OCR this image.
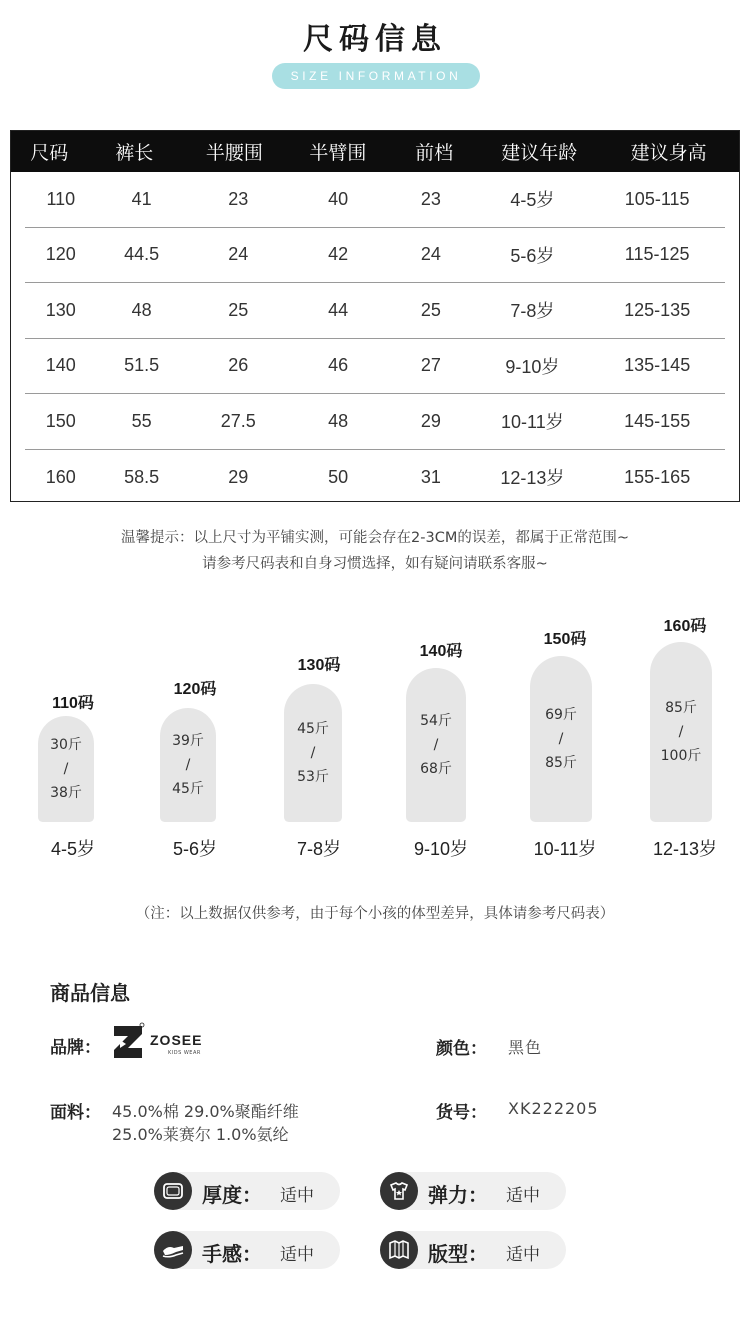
尺码信息
SIZE INFORMATION
尺码	裤长	半腰围	半臂围	前档	建议年龄	建议身高
110	41	23	40	23	4-5岁	105-115
120	44.5	24	42	24	5-6岁	115-125
130	48	25	44	25	7-8岁	125-135
140	51.5	26	46	27	9-10岁	135-145
150	55	27.5	48	29	10-11岁	145-155
160	58.5	29	50	31	12-13岁	155-165
温馨提示：以上尺寸为平铺实测，可能会存在2-3CM的误差，都属于正常范围~
请参考尺码表和自身习惯选择，如有疑问请联系客服~
110码
30斤
/
38斤
4-5岁
120码
39斤
/
45斤
5-6岁
130码
45斤
/
53斤
7-8岁
140码
54斤
/
68斤
9-10岁
150码
69斤
/
85斤
10-11岁
160码
85斤
/
100斤
12-13岁
（注：以上数据仅供参考，由于每个小孩的体型差异，具体请参考尺码表）
商品信息
品牌：	ZOSEE
KIDS WEAR	颜色： 黑色
面料： 45.0%棉 29.0%聚酯纤维
25.0%莱赛尔 1.0%氨纶
货号： XK222205
厚度： 适中	弹力： 适中
手感： 适中	版型： 适中
